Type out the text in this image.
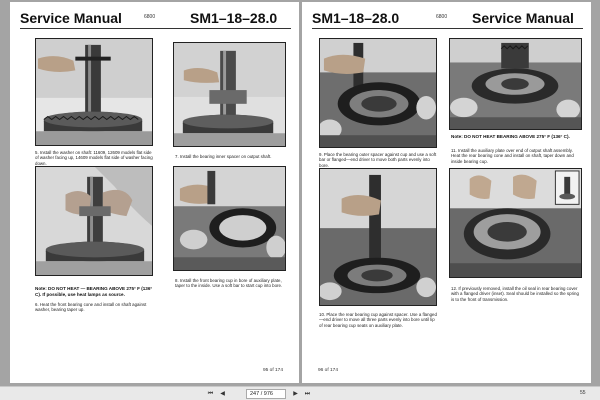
Service Manual	6800 SM1–18–28.0
5. Install the washer on shaft: 11609, 12609 models flat side of washer facing up, 14609 models flat side of washer facing down.
7. Install the bearing inner spacer on output shaft.
Note: DO NOT HEAT — BEARING ABOVE 275° F (136° C). If possible, use heat lamps as source.
6. Heat the front bearing cone and install on shaft against washer, bearing taper up.
8. Install the front bearing cup in bore of auxiliary plate, taper to the inside. Use a soft bar to start cup into bore.
95 of 174
SM1–18–28.0	6800 Service Manual
9. Place the bearing outer spacer against cup and use a soft bar or flanged—end driver to move both parts evenly into bore.
Note: DO NOT HEAT BEARING ABOVE 275° F (136° C).
11. Install the auxiliary plate over end of output shaft assembly. Heat the rear bearing cone and install on shaft, taper down and inside bearing cup.
10. Place the rear bearing cup against spacer. Use a flanged—end driver to move all three parts evenly into bore until lip of rear bearing cup seats on auxiliary plate.
12. If previously removed, install the oil seal in rear bearing cover with a flanged driver (inset). Seal should be installed so the spring is to the front of transmission.
96 of 174
⏮	◀	247 / 976	▶	⏭	55
